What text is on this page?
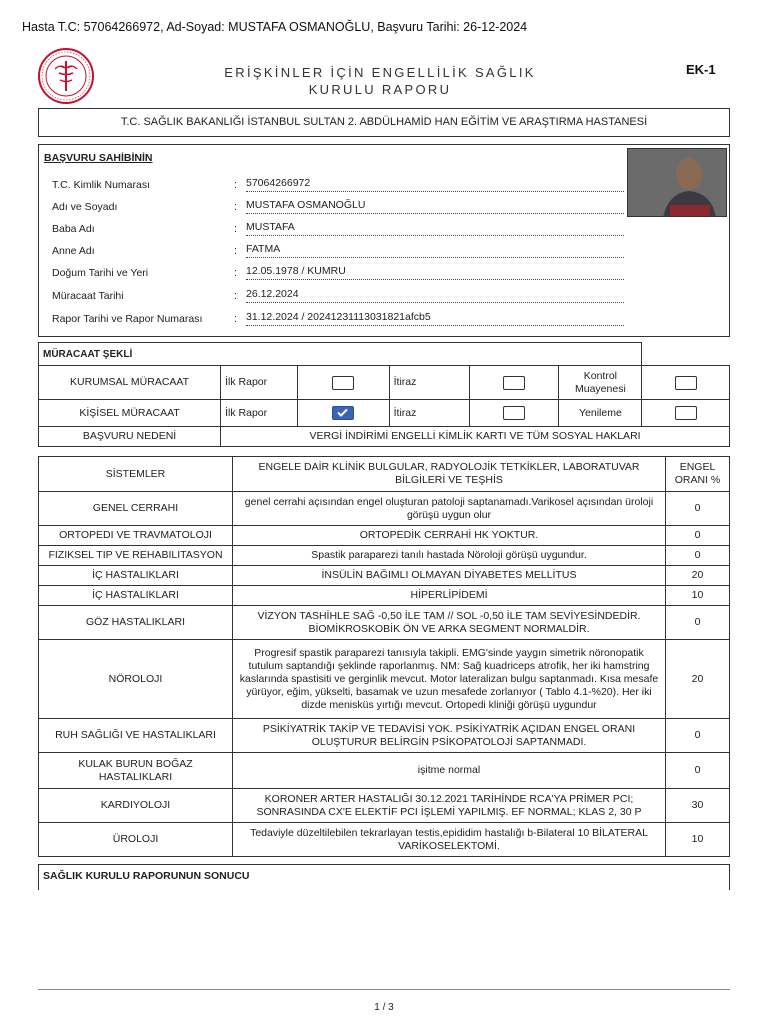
Hasta T.C: 57064266972, Ad-Soyad: MUSTAFA OSMANOĞLU, Başvuru Tarihi: 26-12-2024
ERİŞKİNLER İÇİN ENGELLİLİK SAĞLIK
KURULU RAPORU
EK-1
T.C. SAĞLIK BAKANLIĞI İSTANBUL SULTAN 2. ABDÜLHAMİD HAN EĞİTİM VE ARAŞTIRMA HASTANESİ
BAŞVURU SAHİBİNİN
T.C. Kimlik Numarası	: 57064266972
Adı ve Soyadı	: MUSTAFA OSMANOĞLU
Baba Adı	: MUSTAFA
Anne Adı	: FATMA
Doğum Tarihi ve Yeri	: 12.05.1978 / KUMRU
Müracaat Tarihi	: 26.12.2024
Rapor Tarihi ve Rapor Numarası	: 31.12.2024 / 20241231113031821afcb5
MÜRACAAT ŞEKLİ						
KURUMSAL MÜRACAAT	İlk Rapor		İtiraz		Kontrol
Muayenesi	
KİŞİSEL MÜRACAAT	İlk Rapor		İtiraz		Yenileme	
BAŞVURU NEDENİ	VERGİ İNDİRİMİ ENGELLİ KİMLİK KARTI VE TÜM SOSYAL HAKLARI					
SİSTEMLER	ENGELE DAİR KLİNİK BULGULAR, RADYOLOJİK TETKİKLER, LABORATUVAR BİLGİLERİ VE TEŞHİS	ENGEL ORANI %
GENEL CERRAHI	genel cerrahi açısından engel oluşturan patoloji saptanamadı.Varikosel açısından üroloji görüşü uygun olur	0
ORTOPEDI VE TRAVMATOLOJI	ORTOPEDİK CERRAHİ HK YOKTUR.	0
FIZIKSEL TIP VE REHABILITASYON	Spastik paraparezi tanılı hastada Nöroloji görüşü uygundur.	0
İÇ HASTALIKLARI	İNSÜLİN BAĞIMLI OLMAYAN DİYABETES MELLİTUS	20
İÇ HASTALIKLARI	HİPERLİPİDEMİ	10
GÖZ HASTALIKLARI	VİZYON TASHİHLE SAĞ -0,50 İLE TAM // SOL -0,50 İLE TAM SEVİYESİNDEDİR. BİOMİKROSKOBİK ÖN VE ARKA SEGMENT NORMALDİR.	0
NÖROLOJI	Progresif spastik paraparezi tanısıyla takipli. EMG'sinde yaygın simetrik nöronopatik tutulum saptandığı şeklinde raporlanmış. NM: Sağ kuadriceps atrofik, her iki hamstring kaslarında spastisiti ve gerginlik mevcut. Motor lateralizan bulgu saptanmadı. Kısa mesafe yürüyor, eğim, yükselti, basamak ve uzun mesafede zorlanıyor ( Tablo 4.1-%20). Her iki dizde menisküs yırtığı mevcut. Ortopedi kliniği görüşü uygundur	20
RUH SAĞLIĞI VE HASTALIKLARI	PSİKİYATRİK TAKİP VE TEDAVİSİ YOK. PSİKİYATRİK AÇIDAN ENGEL ORANI OLUŞTURUR BELİRGİN PSİKOPATOLOJİ SAPTANMADI.	0
KULAK BURUN BOĞAZ HASTALIKLARI	işitme normal	0
KARDIYOLOJI	KORONER ARTER HASTALIĞI 30.12.2021 TARİHİNDE RCA'YA PRİMER PCI; SONRASINDA CX'E ELEKTİF PCI İŞLEMİ YAPILMIŞ. EF NORMAL; KLAS 2, 30 P	30
ÜROLOJI	Tedaviyle düzeltilebilen tekrarlayan testis,epididim hastalığı b-Bilateral 10 BİLATERAL VARİKOSELEKTOMİ.	10
SAĞLIK KURULU RAPORUNUN SONUCU
1 / 3
